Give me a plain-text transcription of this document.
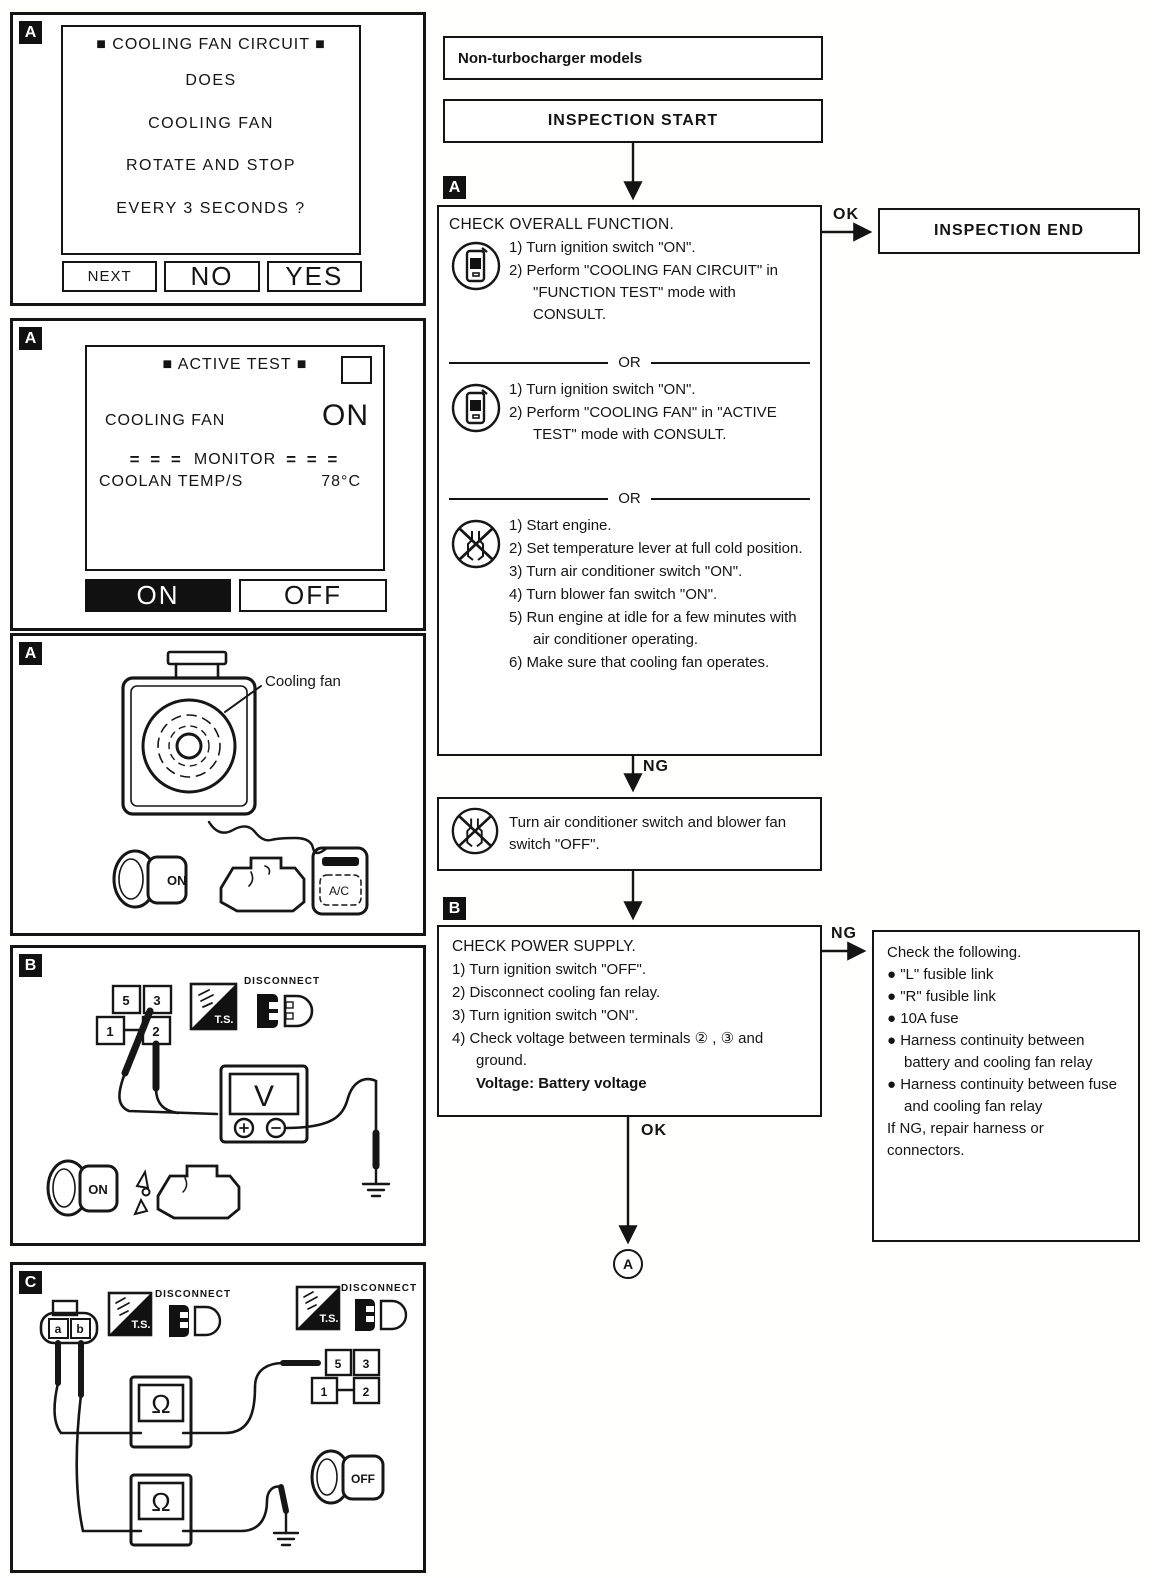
A
■ COOLING FAN CIRCUIT ■
DOES
COOLING FAN
ROTATE AND STOP
EVERY 3 SECONDS ?
NEXT	NO	YES
A
■ ACTIVE TEST ■
COOLING FAN	ON
= = = MONITOR = = =
COOLAN TEMP/S	78°C
ON	OFF
A
Cooling fan
ON
A/C
B
5 3
1	2
V
T.S.
DISCONNECT
ON
C
a b
5 3
1	2
Ω
Ω
T.S.	T.S.
DISCONNECT
DISCONNECT
OFF
Non-turbocharger models
INSPECTION START
A
CHECK OVERALL FUNCTION.
1) Turn ignition switch "ON".
2) Perform "COOLING FAN CIRCUIT" in "FUNCTION TEST" mode with CONSULT.
OR
1) Turn ignition switch "ON".
2) Perform "COOLING FAN" in "ACTIVE TEST" mode with CONSULT.
OR
1) Start engine.
2) Set temperature lever at full cold position.
3) Turn air conditioner switch "ON".
4) Turn blower fan switch "ON".
5) Run engine at idle for a few minutes with air conditioner operating.
6) Make sure that cooling fan operates.
OK
INSPECTION END
NG
Turn air conditioner switch and blower fan switch "OFF".
B
CHECK POWER SUPPLY.
1) Turn ignition switch "OFF".
2) Disconnect cooling fan relay.
3) Turn ignition switch "ON".
4) Check voltage between terminals ② , ③ and ground.
Voltage: Battery voltage
NG
Check the following.
● "L" fusible link
● "R" fusible link
● 10A fuse
● Harness continuity between battery and cooling fan relay
● Harness continuity between fuse and cooling fan relay
If NG, repair harness or connectors.
OK
A
